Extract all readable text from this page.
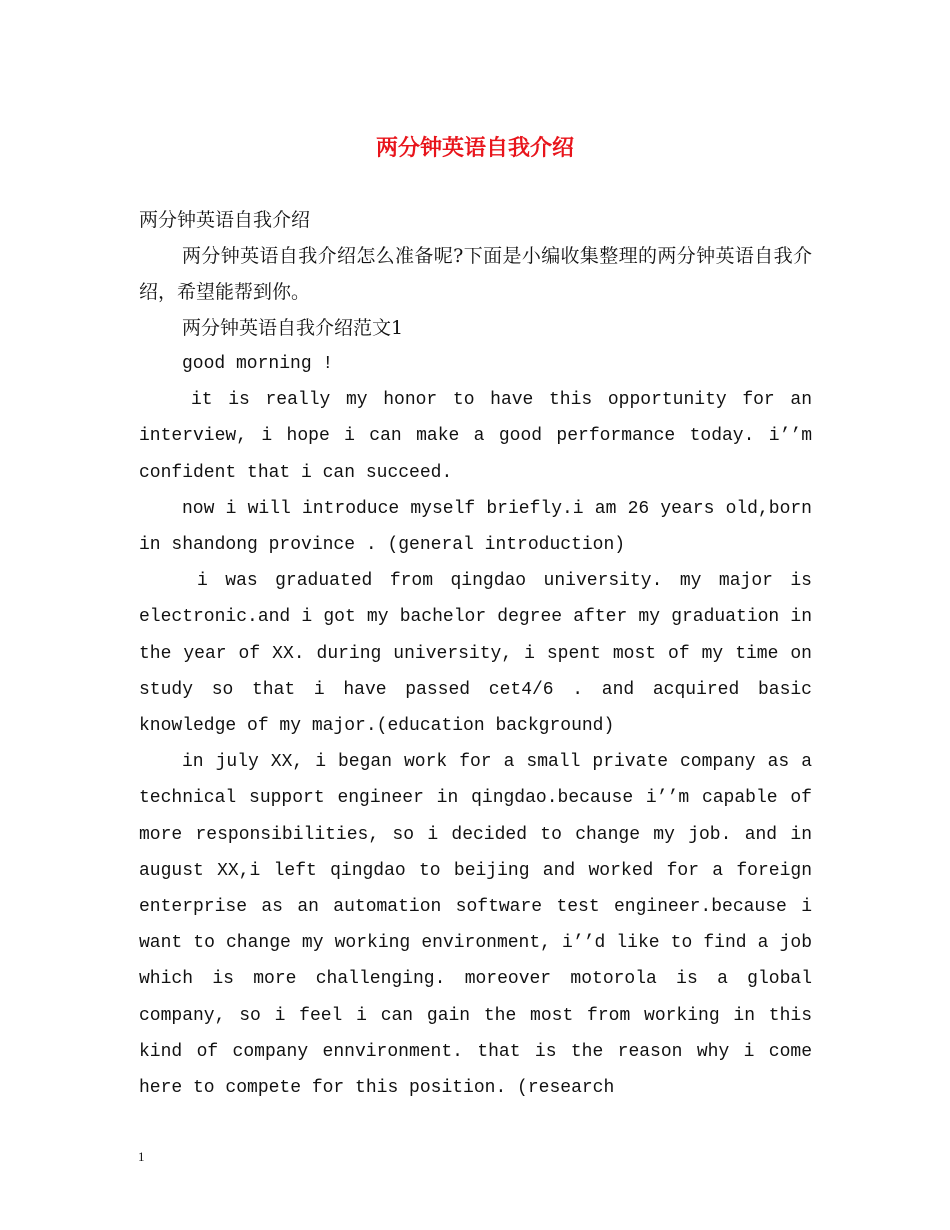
两分钟英语自我介绍

两分钟英语自我介绍

两分钟英语自我介绍怎么准备呢?下面是小编收集整理的两分钟英语自我介绍，希望能帮到你。

两分钟英语自我介绍范文1

good morning !

it is really my honor to have this opportunity for an interview, i hope i can make a good performance today. i’’m confident that i can succeed.

now i will introduce myself briefly.i am 26 years old,born in shandong province . (general introduction)

i was graduated from qingdao university. my major is electronic.and i got my bachelor degree after my graduation in the year of XX. during university, i spent most of my time on study so that i have passed cet4/6 . and acquired basic knowledge of my major.(education background)

in july XX, i began work for a small private company as a technical support engineer in qingdao.because i’’m capable of more responsibilities, so i decided to change my job. and in august XX,i left qingdao to beijing and worked for a foreign enterprise as an automation software test engineer.because i want to change my working environment, i’’d like to find a job which is more challenging. moreover motorola is a global company, so i feel i can gain the most from working in this kind of company ennvironment. that is the reason why i come here to compete for this position. (research

1
